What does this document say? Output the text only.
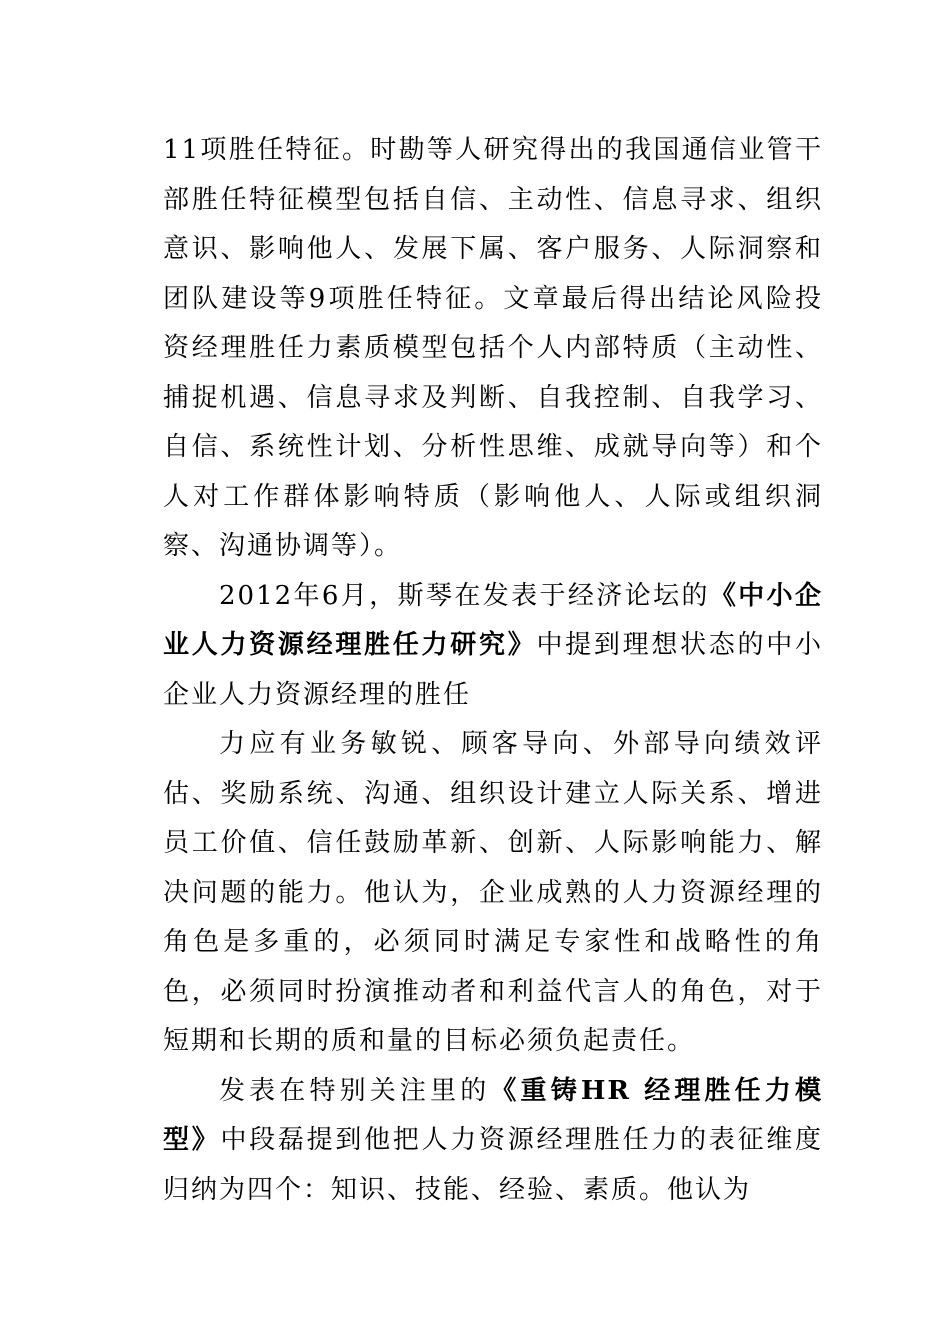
11项胜任特征。时勘等人研究得出的我国通信业管干部胜任特征模型包括自信、主动性、信息寻求、组织意识、影响他人、发展下属、客户服务、人际洞察和团队建设等9项胜任特征。文章最后得出结论风险投资经理胜任力素质模型包括个人内部特质（主动性、捕捉机遇、信息寻求及判断、自我控制、自我学习、自信、系统性计划、分析性思维、成就导向等）和个人对工作群体影响特质（影响他人、人际或组织洞察、沟通协调等）。

2012年6月，斯琴在发表于经济论坛的《中小企业人力资源经理胜任力研究》中提到理想状态的中小企业人力资源经理的胜任

力应有业务敏锐、顾客导向、外部导向绩效评估、奖励系统、沟通、组织设计建立人际关系、增进员工价值、信任鼓励革新、创新、人际影响能力、解决问题的能力。他认为，企业成熟的人力资源经理的角色是多重的，必须同时满足专家性和战略性的角色，必须同时扮演推动者和利益代言人的角色，对于短期和长期的质和量的目标必须负起责任。

发表在特别关注里的《重铸HR 经理胜任力模型》中段磊提到他把人力资源经理胜任力的表征维度归纳为四个：知识、技能、经验、素质。他认为
